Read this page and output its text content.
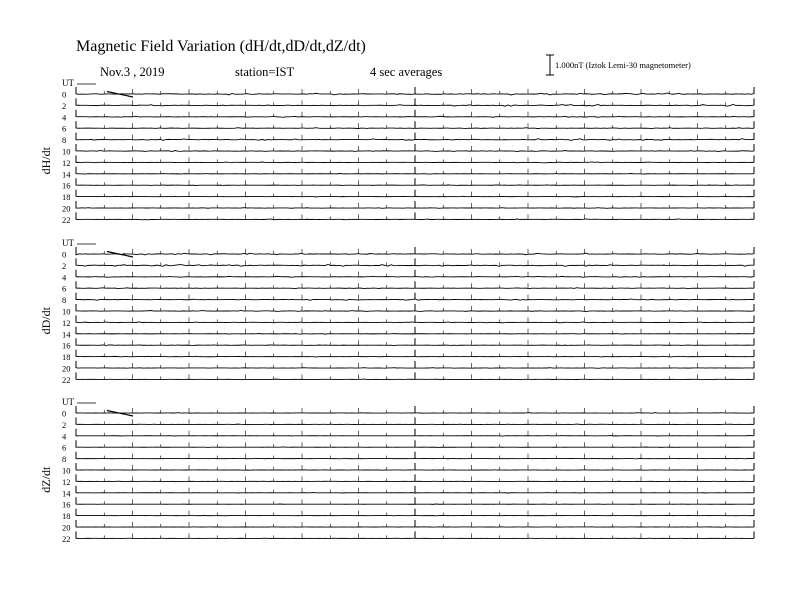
Magnetic Field Variation (dH/dt,dD/dt,dZ/dt)
Nov.3 , 2019	station=IST	4 sec averages	1.000nT (Iztok Lemi-30 magnetometer)
UT
dH/dt
0
2
4
6
8
10
12
14
16
18
20
22
UT
dD/dt
0
2
4
6
8
10
12
14
16
18
20
22
UT
dZ/dt
0
2
4
6
8
10
12
14
16
18
20
22
